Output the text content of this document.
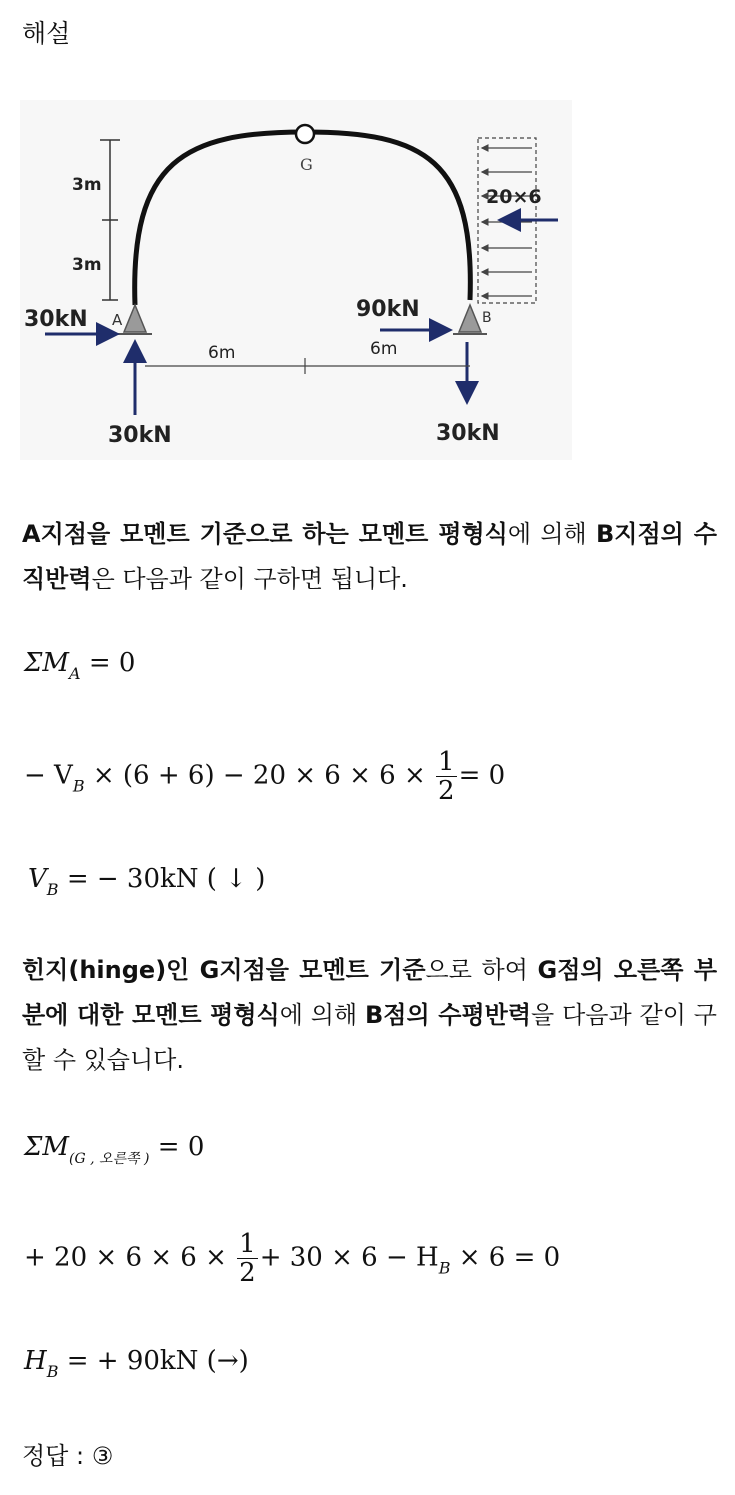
해설
G
3m
3m
A
30kN
30kN
B
90kN
30kN
20×6
6m	6m
A지점을 모멘트 기준으로 하는 모멘트 평형식에 의해 B지점의 수직반력은 다음과 같이 구하면 됩니다.
$\Sigma M_A = 0$
− $V_B \times (6 + 6) - 20 \times 6 \times 6 \times \frac{1}{2} = 0$
$V_B$ = − 30kN ( ↓ )
힌지(hinge)인 G지점을 모멘트 기준으로 하여 G점의 오른쪽 부분에 대한 모멘트 평형식에 의해 B점의 수평반력을 다음과 같이 구할 수 있습니다.
$\Sigma M_{(G , 오른쪽 )} = 0$
+ $20 \times 6 \times 6 \times \frac{1}{2} + 30 \times 6 - H_B \times 6 = 0$
$H_B$ = + 90kN (→)
정답 : ③
